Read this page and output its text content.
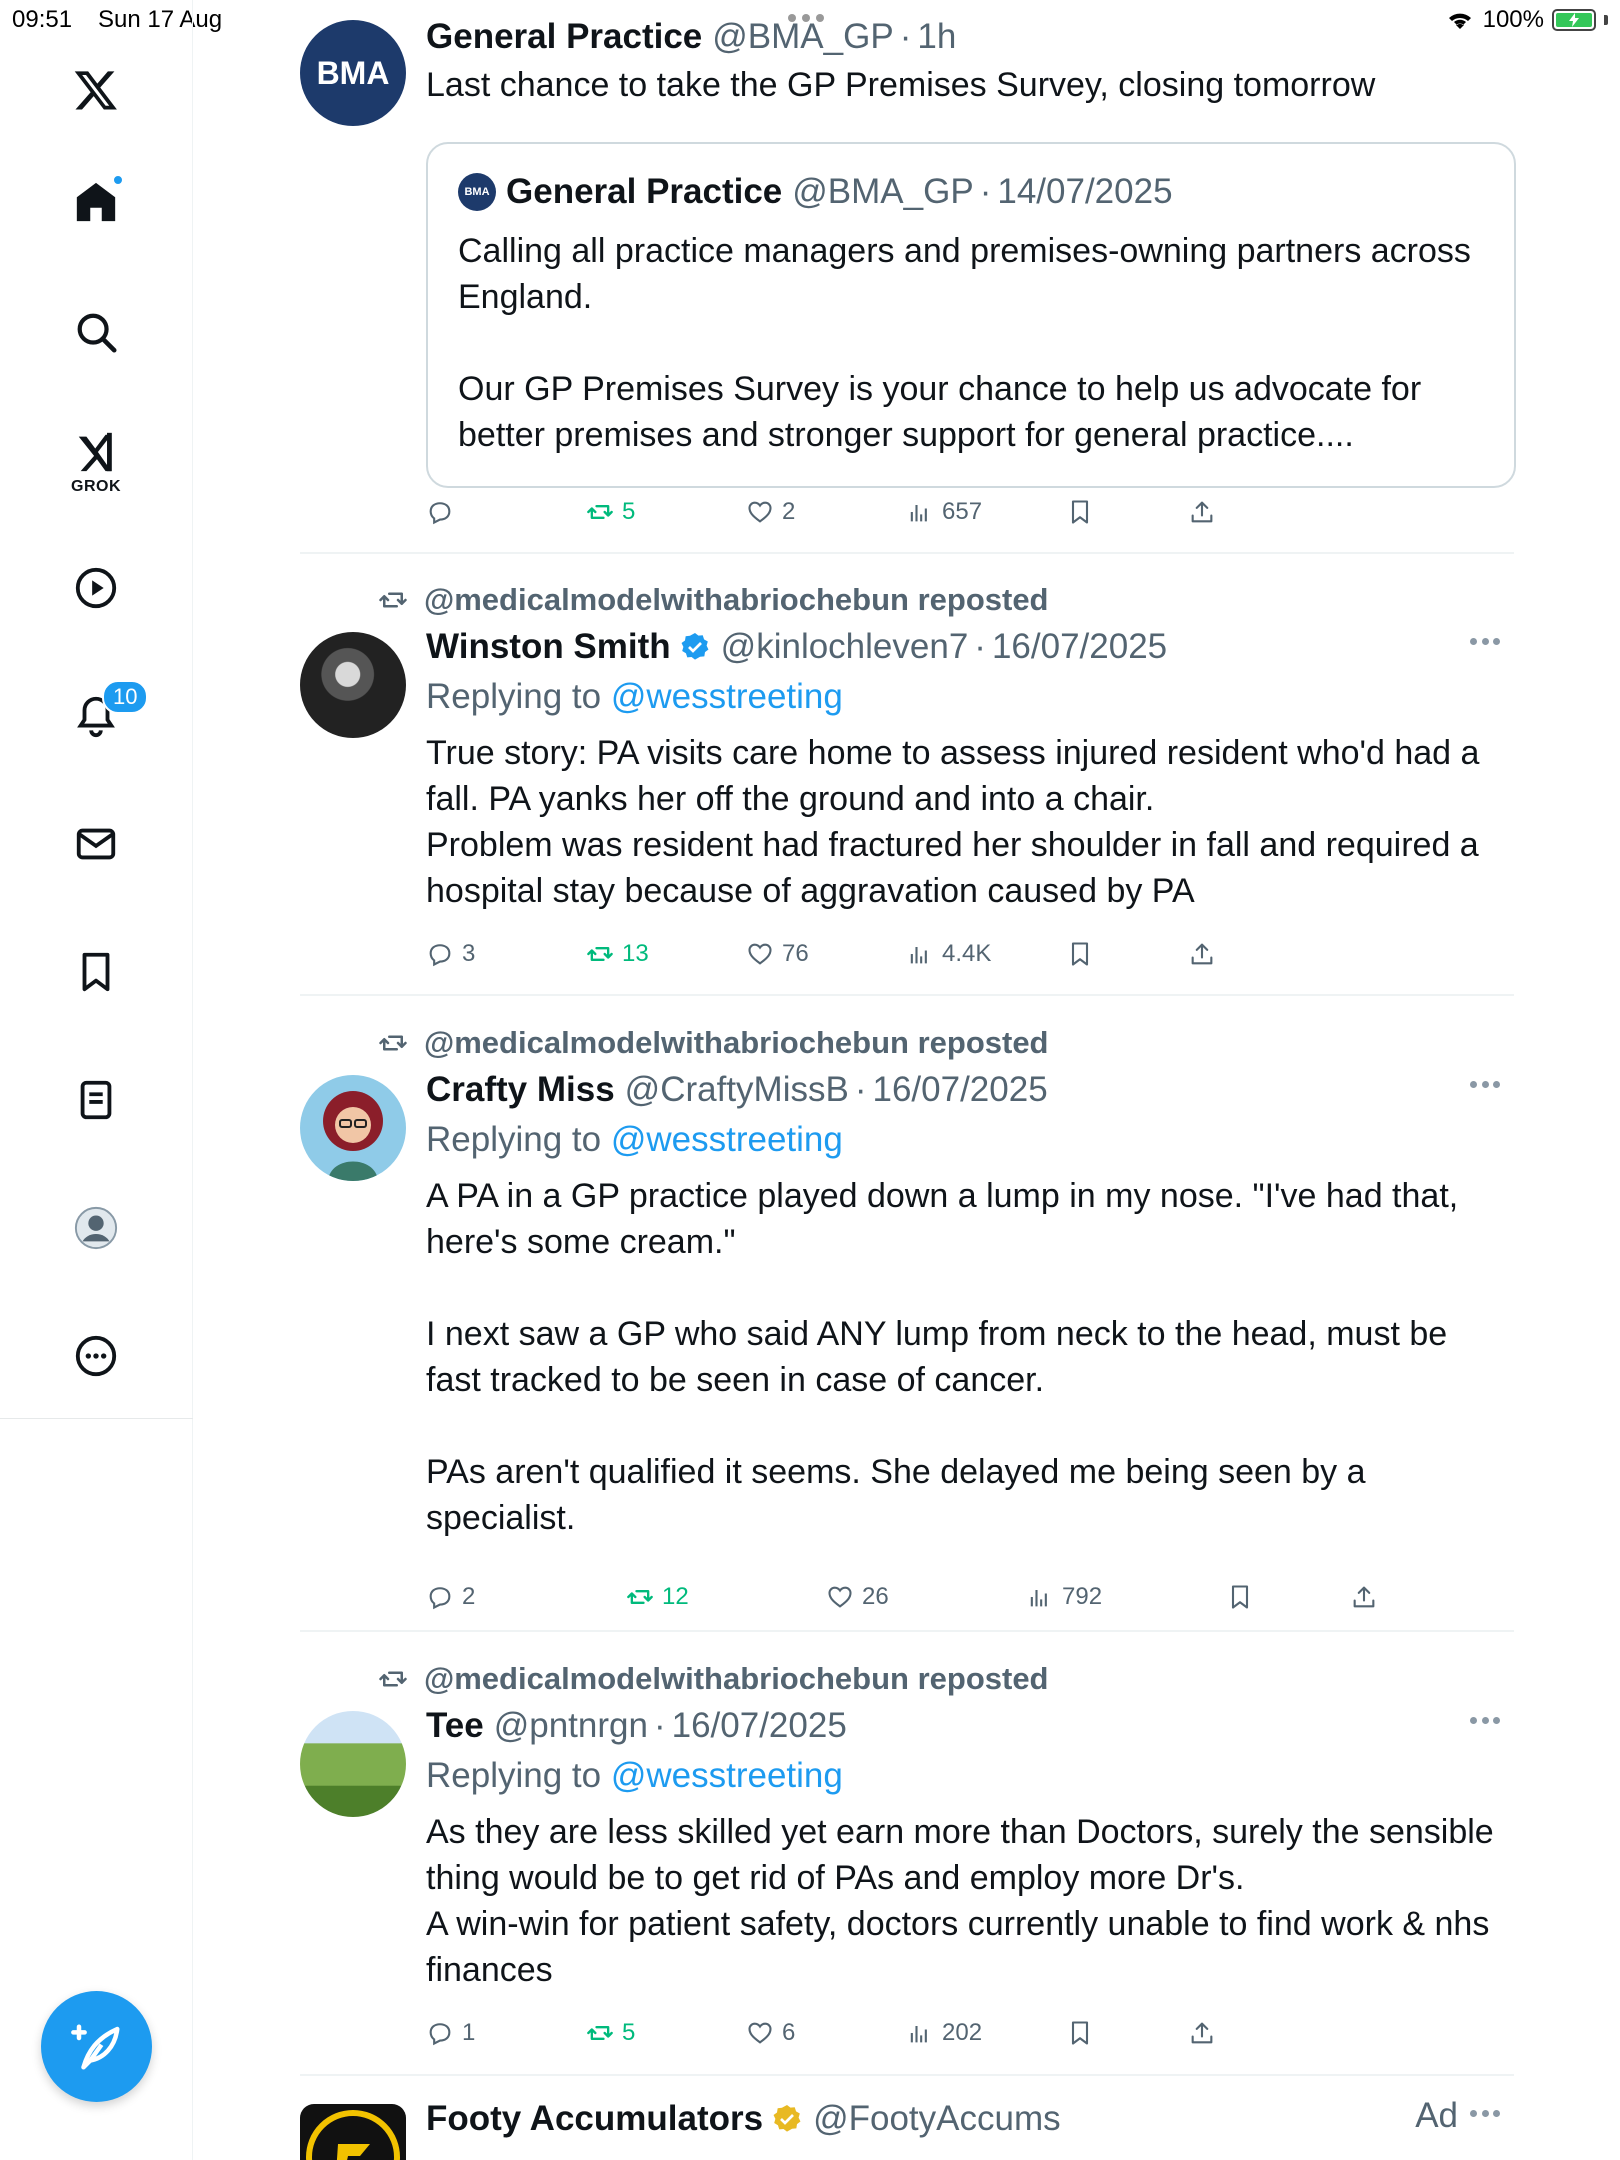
09:51 Sun 17 Aug	100%
GROK
10
BMA
General Practice @BMA_GP · 1h
Last chance to take the GP Premises Survey, closing tomorrow
BMA General Practice @BMA_GP · 14/07/2025
Calling all practice managers and premises-owning partners across England.

Our GP Premises Survey is your chance to help us advocate for better premises and stronger support for general practice....
5	2	657
@medicalmodelwithabriochebun reposted
Winston Smith @kinlochleven7 · 16/07/2025
Replying to @wesstreeting
True story: PA visits care home to assess injured resident who'd had a fall. PA yanks her off the ground and into a chair.
Problem was resident had fractured her shoulder in fall and required a hospital stay because of aggravation caused by PA
3	13	76	4.4K
@medicalmodelwithabriochebun reposted
Crafty Miss @CraftyMissB · 16/07/2025
Replying to @wesstreeting
A PA in a GP practice played down a lump in my nose. "I've had that, here's some cream."

I next saw a GP who said ANY lump from neck to the head, must be fast tracked to be seen in case of cancer.

PAs aren't qualified it seems. She delayed me being seen by a specialist.
2	12	26	792
@medicalmodelwithabriochebun reposted
Tee @pntnrgn · 16/07/2025
Replying to @wesstreeting
As they are less skilled yet earn more than Doctors, surely the sensible thing would be to get rid of PAs and employ more Dr's.
A win-win for patient safety, doctors currently unable to find work & nhs finances
1	5	6	202
Footy Accumulators @FootyAccums	Ad
